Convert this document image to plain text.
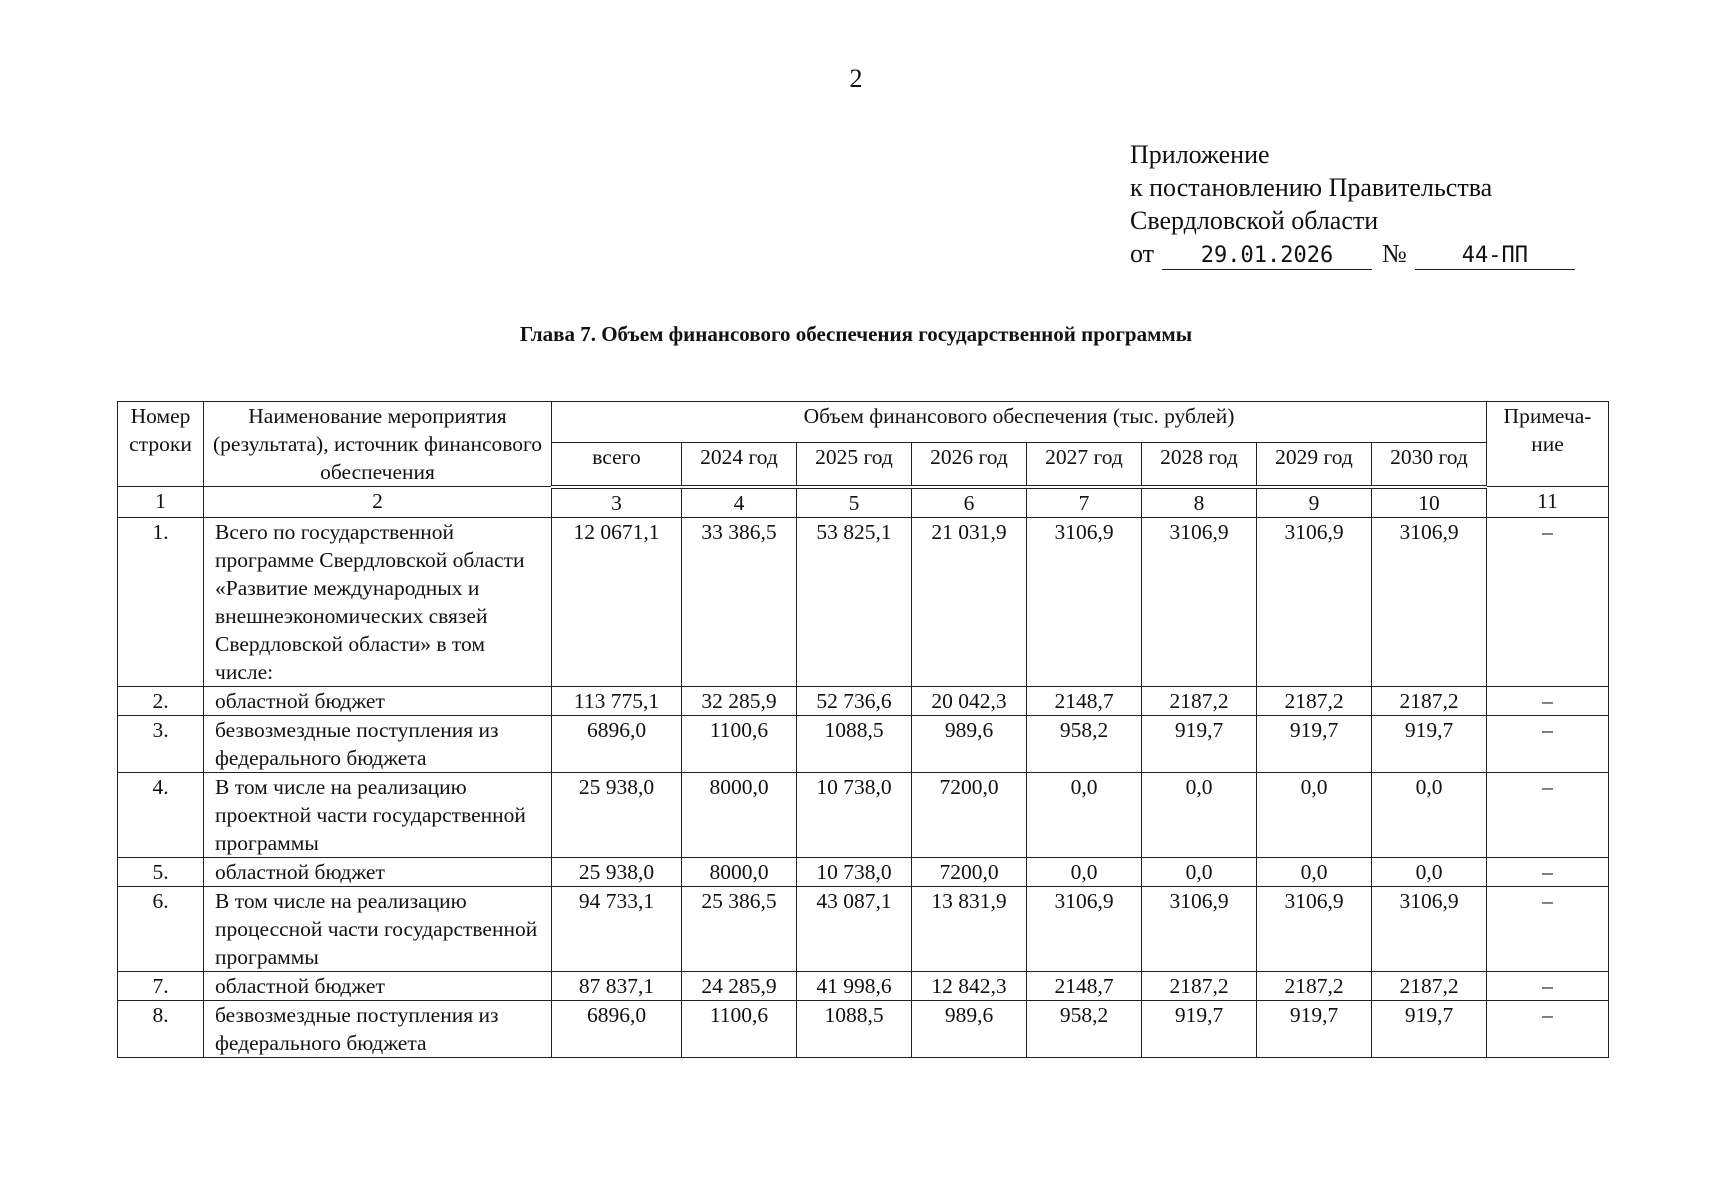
2
Приложение
к постановлению Правительства
Свердловской области
от	29.01.2026	№	44-ПП
Глава 7. Объем финансового обеспечения государственной программы
Номер строки	Наименование мероприятия (результата), источник финансового обеспечения	Объем финансового обеспечения (тыс. рублей)								Примеча-ние
		всего	2024 год	2025 год	2026 год	2027 год	2028 год	2029 год	2030 год	
1	2	3	4	5	6	7	8	9	10	11
1.	Всего по государственной программе Свердловской области «Развитие международных и внешнеэкономических связей Свердловской области» в том числе:	12 0671,1	33 386,5	53 825,1	21 031,9	3106,9	3106,9	3106,9	3106,9	–
2.	областной бюджет	113 775,1	32 285,9	52 736,6	20 042,3	2148,7	2187,2	2187,2	2187,2	–
3.	безвозмездные поступления из федерального бюджета	6896,0	1100,6	1088,5	989,6	958,2	919,7	919,7	919,7	–
4.	В том числе на реализацию проектной части государственной программы	25 938,0	8000,0	10 738,0	7200,0	0,0	0,0	0,0	0,0	–
5.	областной бюджет	25 938,0	8000,0	10 738,0	7200,0	0,0	0,0	0,0	0,0	–
6.	В том числе на реализацию процессной части государственной программы	94 733,1	25 386,5	43 087,1	13 831,9	3106,9	3106,9	3106,9	3106,9	–
7.	областной бюджет	87 837,1	24 285,9	41 998,6	12 842,3	2148,7	2187,2	2187,2	2187,2	–
8.	безвозмездные поступления из федерального бюджета	6896,0	1100,6	1088,5	989,6	958,2	919,7	919,7	919,7	–
